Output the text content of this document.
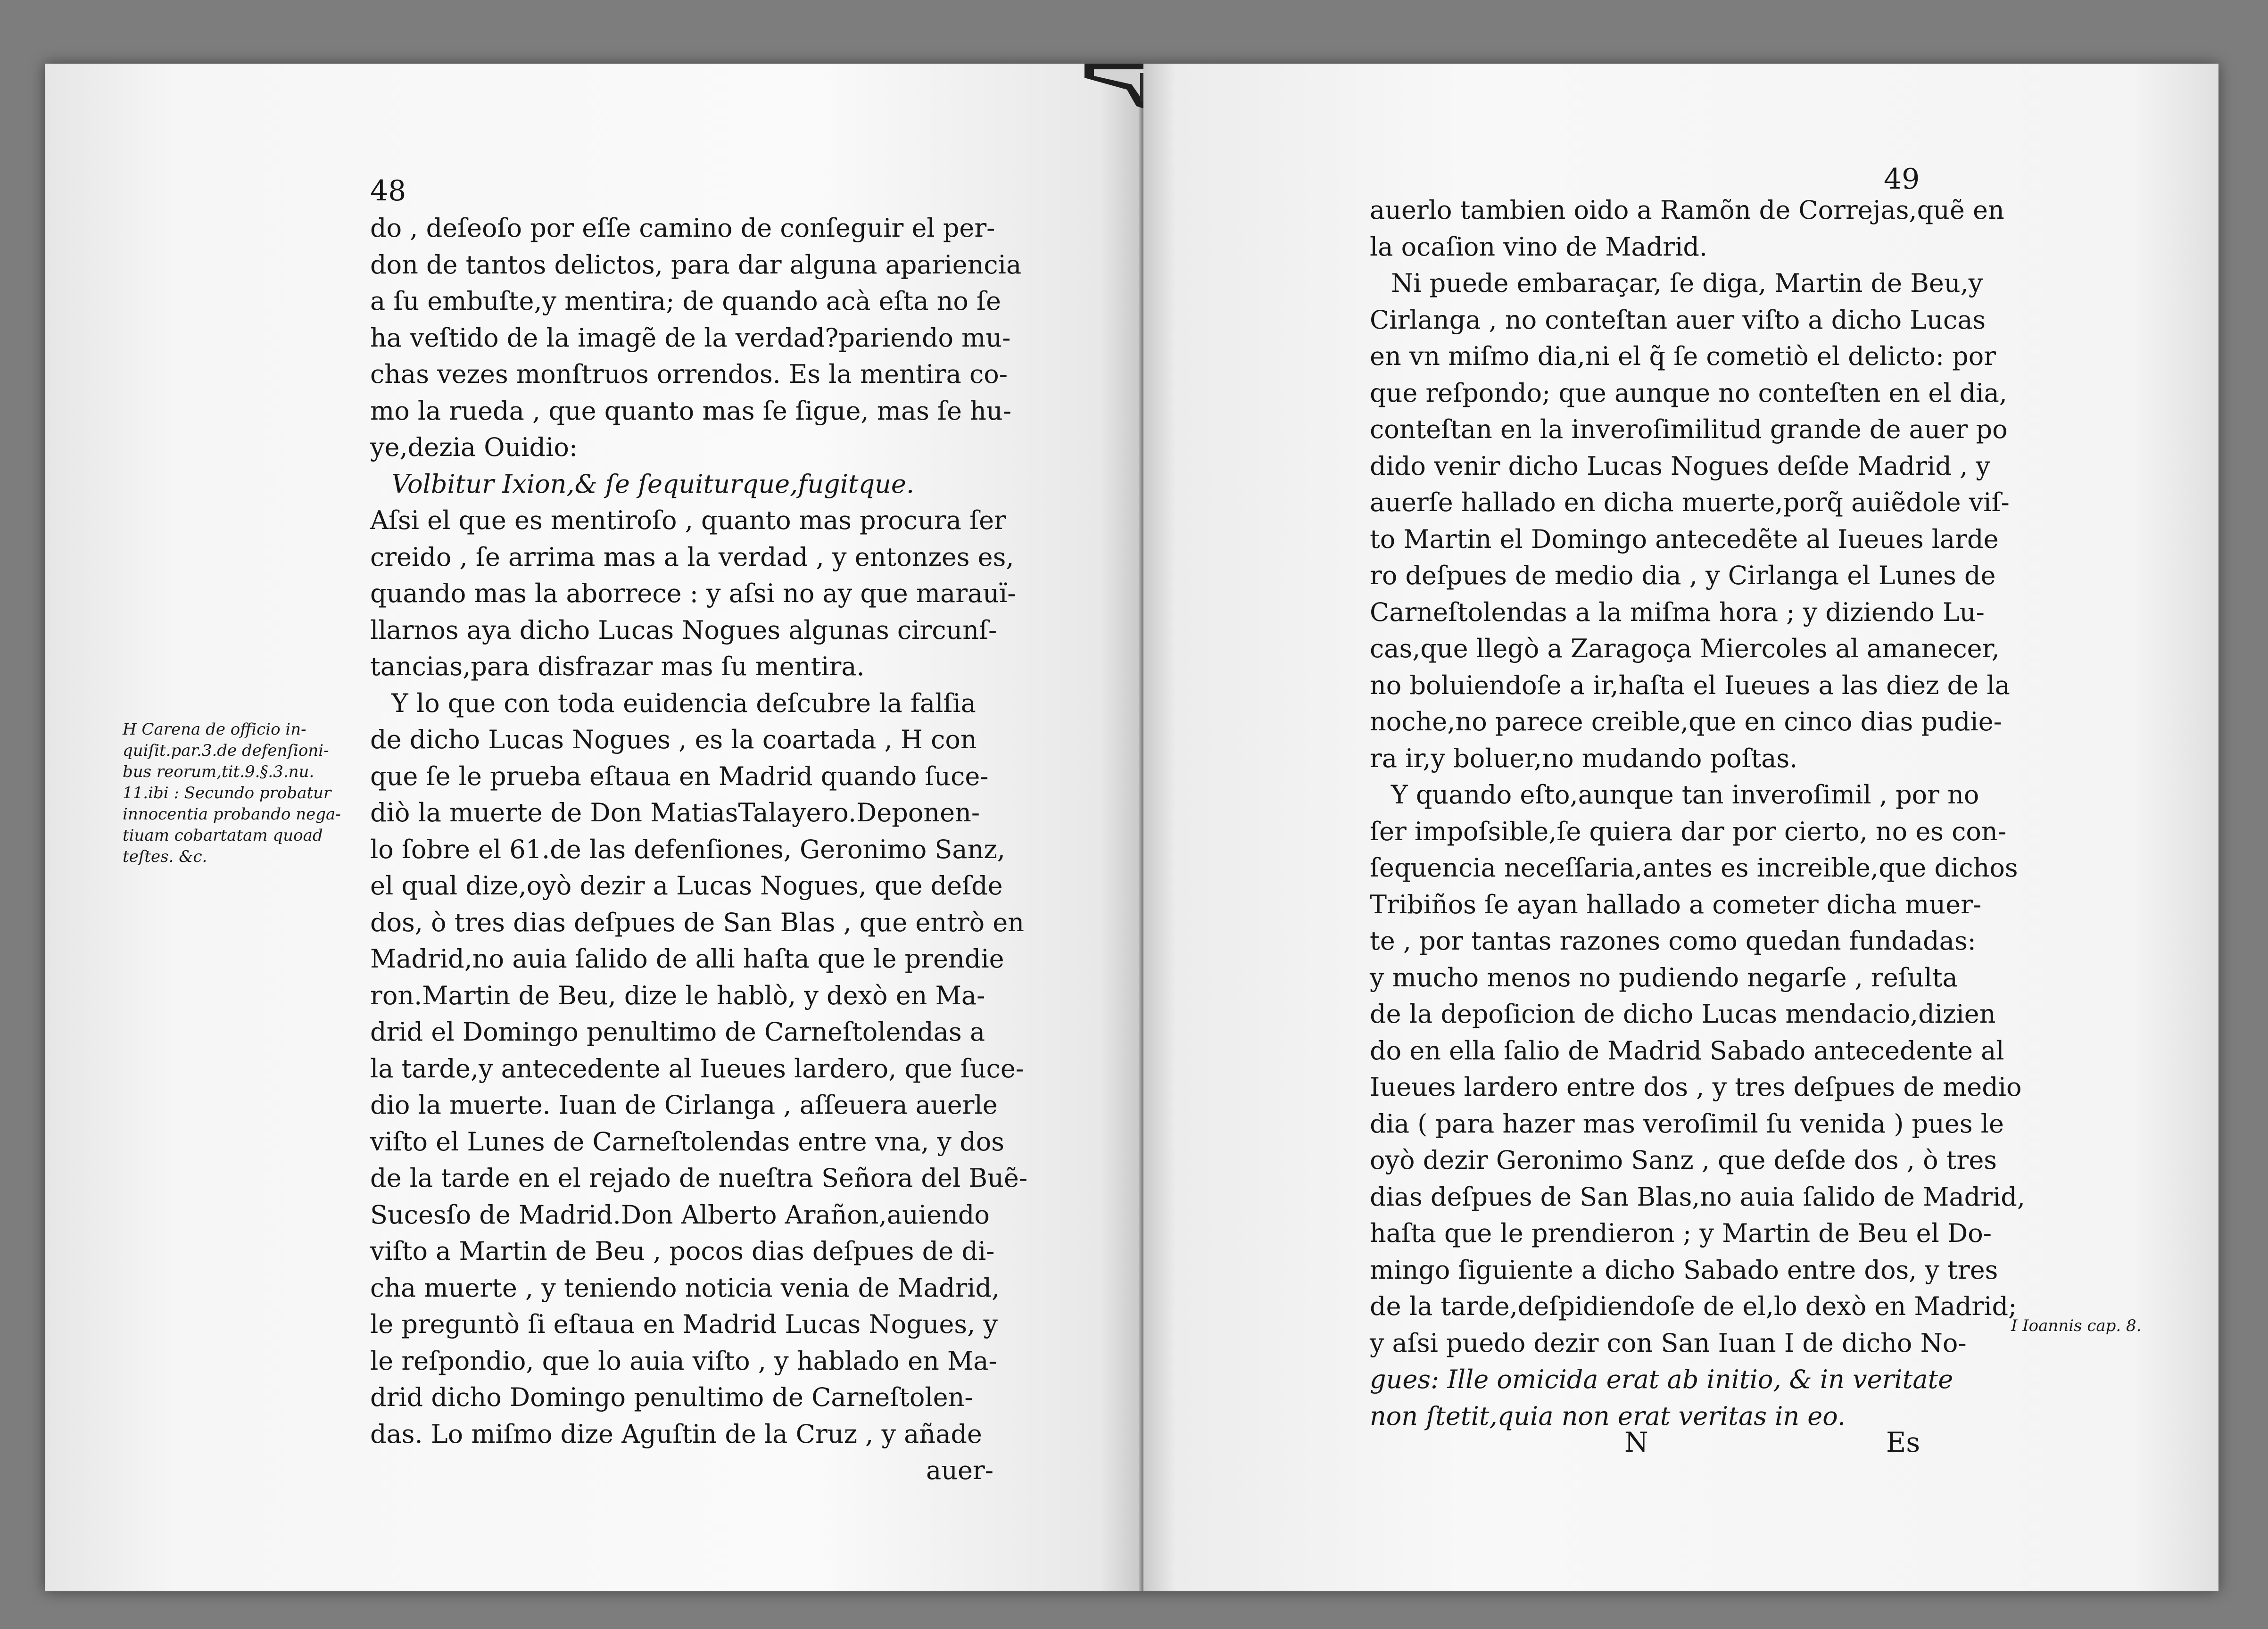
48
do , deſeoſo por eſſe camino de conſeguir el per-
don de tantos delictos, para dar alguna apariencia
a ſu embuſte,y mentira; de quando acà eſta no ſe
ha veſtido de la imagẽ de la verdad?pariendo mu-
chas vezes monſtruos orrendos. Es la mentira co-
mo la rueda , que quanto mas ſe ſigue, mas ſe hu-
ye,dezia Ouidio:
Volbitur Ixion,& ſe ſequiturque,fugitque.
Aſsi el que es mentiroſo , quanto mas procura ſer
creido , ſe arrima mas a la verdad , y entonzes es,
quando mas la aborrece : y aſsi no ay que marauï-
llarnos aya dicho Lucas Nogues algunas circunſ-
tancias,para disfrazar mas ſu mentira.
Y lo que con toda euidencia deſcubre la falſia
de dicho Lucas Nogues , es la coartada , H con
que ſe le prueba eſtaua en Madrid quando ſuce-
diò la muerte de Don MatiasTalayero.Deponen-
lo ſobre el 61.de las defenſiones, Geronimo Sanz,
el qual dize,oyò dezir a Lucas Nogues, que deſde
dos, ò tres dias deſpues de San Blas , que entrò en
Madrid,no auia ſalido de alli haſta que le prendie
ron.Martin de Beu, dize le hablò, y dexò en Ma-
drid el Domingo penultimo de Carneſtolendas a
la tarde,y antecedente al Iueues lardero, que ſuce-
dio la muerte. Iuan de Cirlanga , aſſeuera auerle
viſto el Lunes de Carneſtolendas entre vna, y dos
de la tarde en el rejado de nueſtra Señora del Buẽ-
Sucesſo de Madrid.Don Alberto Arañon,auiendo
viſto a Martin de Beu , pocos dias deſpues de di-
cha muerte , y teniendo noticia venia de Madrid,
le preguntò ſi eſtaua en Madrid Lucas Nogues, y
le reſpondio, que lo auia viſto , y hablado en Ma-
drid dicho Domingo penultimo de Carneſtolen-
das. Lo miſmo dize Aguſtin de la Cruz , y añade
auer-
H Carena de officio in-
quiſit.par.3.de defenſioni-
bus reorum,tit.9.§.3.nu.
11.ibi : Secundo probatur
innocentia probando nega-
tiuam cobartatam quoad
teſtes. &c.
49
auerlo tambien oido a Ramõn de Correjas,quẽ en
la ocaſion vino de Madrid.
Ni puede embaraçar, ſe diga, Martin de Beu,y
Cirlanga , no conteſtan auer viſto a dicho Lucas
en vn miſmo dia,ni el q̃ ſe cometiò el delicto: por
que reſpondo; que aunque no conteſten en el dia,
conteſtan en la inveroſimilitud grande de auer po
dido venir dicho Lucas Nogues deſde Madrid , y
auerſe hallado en dicha muerte,porq̃ auiẽdole viſ-
to Martin el Domingo antecedẽte al Iueues larde
ro deſpues de medio dia , y Cirlanga el Lunes de
Carneſtolendas a la miſma hora ; y diziendo Lu-
cas,que llegò a Zaragoça Miercoles al amanecer,
no boluiendoſe a ir,haſta el Iueues a las diez de la
noche,no parece creible,que en cinco dias pudie-
ra ir,y boluer,no mudando poſtas.
Y quando eſto,aunque tan inveroſimil , por no
ſer impoſsible,ſe quiera dar por cierto, no es con-
ſequencia neceſſaria,antes es increible,que dichos
Tribiños ſe ayan hallado a cometer dicha muer-
te , por tantas razones como quedan fundadas:
y mucho menos no pudiendo negarſe , reſulta
de la depoſicion de dicho Lucas mendacio,dizien
do en ella ſalio de Madrid Sabado antecedente al
Iueues lardero entre dos , y tres deſpues de medio
dia ( para hazer mas veroſimil ſu venida ) pues le
oyò dezir Geronimo Sanz , que deſde dos , ò tres
dias deſpues de San Blas,no auia ſalido de Madrid,
haſta que le prendieron ; y Martin de Beu el Do-
mingo ſiguiente a dicho Sabado entre dos, y tres
de la tarde,deſpidiendoſe de el,lo dexò en Madrid;
y aſsi puedo dezir con San Iuan I de dicho No-
gues: Ille omicida erat ab initio, & in veritate
non ſtetit,quia non erat veritas in eo.
N	Es
I Ioannis cap. 8.
